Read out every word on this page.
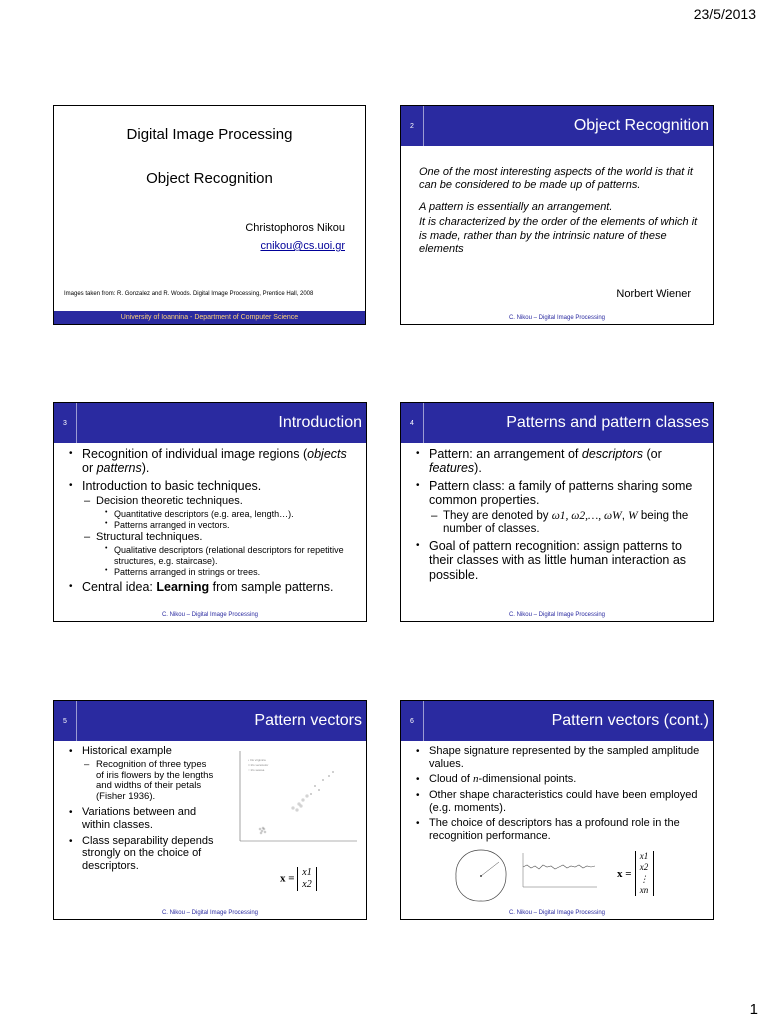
23/5/2013
Digital Image Processing
Object Recognition
Christophoros Nikou
cnikou@cs.uoi.gr
Images taken from: R. Gonzalez and R. Woods. Digital Image Processing, Prentice Hall, 2008
University of Ioannina - Department of Computer Science
2	Object Recognition

One of the most interesting aspects of the world is that it can be considered to be made up of patterns.

A pattern is essentially an arrangement.

It is characterized by the order of the elements of which it is made, rather than by the intrinsic nature of these elements

Norbert Wiener
C. Nikou – Digital Image Processing
3	Introduction
• Recognition of individual image regions (objects or patterns).
• Introduction to basic techniques.
– Decision theoretic techniques.
• Quantitative descriptors (e.g. area, length…).
• Patterns arranged in vectors.
– Structural techniques.
• Qualitative descriptors (relational descriptors for repetitive structures, e.g. staircase).
• Patterns arranged in strings or trees.
• Central idea: Learning from sample patterns.
C. Nikou – Digital Image Processing
4	Patterns and pattern classes
• Pattern: an arrangement of descriptors (or features).
• Pattern class: a family of patterns sharing some common properties.
– They are denoted by ω1, ω2,…, ωW, W being the number of classes.
• Goal of pattern recognition: assign patterns to their classes with as little human interaction as possible.
C. Nikou – Digital Image Processing
5	Pattern vectors
• Historical example
– Recognition of three types of iris flowers by the lengths and widths of their petals (Fisher 1936).
• Variations between and within classes.
• Class separability depends strongly on the choice of descriptors.
• Iris virginica
□ Iris versicolor
○ Iris setosa
x = x1
x2
C. Nikou – Digital Image Processing
6	Pattern vectors (cont.)
• Shape signature represented by the sampled amplitude values.
• Cloud of n-dimensional points.
• Other shape characteristics could have been employed (e.g. moments).
• The choice of descriptors has a profound role in the recognition performance.
x =
x1
x2
⋮
xn
C. Nikou – Digital Image Processing
1
